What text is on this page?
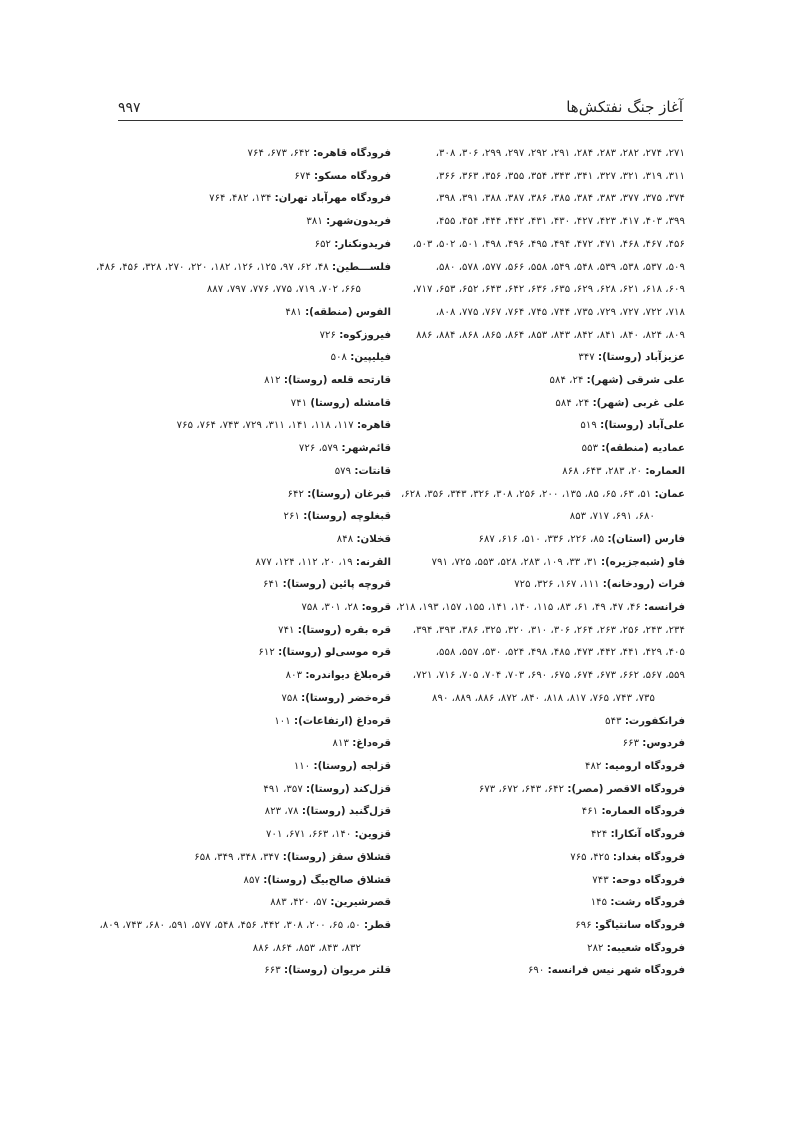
آغاز جنگ نفتکش‌ها
۹۹۷
۲۷۱، ۲۷۴، ۲۸۲، ۲۸۳، ۲۸۴، ۲۹۱، ۲۹۲، ۲۹۷، ۲۹۹، ۳۰۶، ۳۰۸،
۳۱۱، ۳۱۹، ۳۲۱، ۳۲۷، ۳۴۱، ۳۴۳، ۳۵۴، ۳۵۵، ۳۵۶، ۳۶۳، ۳۶۶،
۳۷۴، ۳۷۵، ۳۷۷، ۳۸۳، ۳۸۴، ۳۸۵، ۳۸۶، ۳۸۷، ۳۸۸، ۳۹۱، ۳۹۸،
۳۹۹، ۴۰۳، ۴۱۷، ۴۲۳، ۴۲۷، ۴۳۰، ۴۳۱، ۴۴۲، ۴۴۴، ۴۵۴، ۴۵۵،
۴۵۶، ۴۶۷، ۴۶۸، ۴۷۱، ۴۷۲، ۴۹۴، ۴۹۵، ۴۹۶، ۴۹۸، ۵۰۱، ۵۰۲، ۵۰۳،
۵۰۹، ۵۳۷، ۵۳۸، ۵۳۹، ۵۴۸، ۵۴۹، ۵۵۸، ۵۶۶، ۵۷۷، ۵۷۸، ۵۸۰،
۶۰۹، ۶۱۸، ۶۲۱، ۶۲۸، ۶۲۹، ۶۳۵، ۶۳۶، ۶۴۲، ۶۴۳، ۶۵۲، ۶۵۳، ۷۱۷،
۷۱۸، ۷۲۲، ۷۲۷، ۷۲۹، ۷۳۵، ۷۴۴، ۷۴۵، ۷۶۴، ۷۶۷، ۷۷۵، ۸۰۸،
۸۰۹، ۸۲۴، ۸۴۰، ۸۴۱، ۸۴۲، ۸۴۳، ۸۵۳، ۸۶۴، ۸۶۵، ۸۶۸، ۸۸۴، ۸۸۶
عزیزآباد (روستا): ۳۴۷
علی شرقی (شهر): ۲۴، ۵۸۴
علی غربی (شهر): ۲۴، ۵۸۴
علی‌آباد (روستا): ۵۱۹
عمادیه (منطقه): ۵۵۳
العماره: ۲۰، ۲۸۳، ۶۴۳، ۸۶۸
عمان: ۵۱، ۶۳، ۶۵، ۸۵، ۱۳۵، ۲۰۰، ۲۵۶، ۳۰۸، ۳۲۶، ۳۴۳، ۳۵۶، ۶۲۸،
۶۸۰، ۶۹۱، ۷۱۷، ۸۵۳
فارس (استان): ۸۵، ۲۲۶، ۳۳۶، ۵۱۰، ۶۱۶، ۶۸۷
فاو (شبه‌جزیره): ۳۱، ۳۳، ۱۰۹، ۲۸۳، ۵۲۸، ۵۵۳، ۷۲۵، ۷۹۱
فرات (رودخانه): ۱۱۱، ۱۶۷، ۳۲۶، ۷۲۵
فرانسه: ۴۶، ۴۷، ۴۹، ۶۱، ۸۳، ۱۱۵، ۱۴۰، ۱۴۱، ۱۵۵، ۱۵۷، ۱۹۳، ۲۱۸،
۲۳۴، ۲۴۳، ۲۵۶، ۲۶۳، ۲۶۴، ۳۰۶، ۳۱۰، ۳۲۰، ۳۲۵، ۳۸۶، ۳۹۳، ۳۹۴،
۴۰۵، ۴۲۹، ۴۴۱، ۴۴۲، ۴۷۳، ۴۸۵، ۴۹۸، ۵۲۴، ۵۳۰، ۵۵۷، ۵۵۸،
۵۵۹، ۵۶۷، ۶۶۲، ۶۷۳، ۶۷۴، ۶۷۵، ۶۹۰، ۷۰۳، ۷۰۴، ۷۰۵، ۷۱۶، ۷۲۱،
۷۳۵، ۷۴۳، ۷۶۵، ۸۱۷، ۸۱۸، ۸۴۰، ۸۷۲، ۸۸۶، ۸۸۹، ۸۹۰
فرانکفورت: ۵۴۳
فردوس: ۶۶۳
فرودگاه ارومیه: ۴۸۲
فرودگاه الاقصر (مصر): ۶۴۲، ۶۴۳، ۶۷۲، ۶۷۳
فرودگاه العماره: ۴۶۱
فرودگاه آنکارا: ۴۲۴
فرودگاه بغداد: ۴۲۵، ۷۶۵
فرودگاه دوحه: ۷۴۳
فرودگاه رشت: ۱۴۵
فرودگاه سانتیاگو: ۶۹۶
فرودگاه شعیبه: ۲۸۲
فرودگاه شهر نیس فرانسه: ۶۹۰
فرودگاه قاهره: ۶۴۲، ۶۷۳، ۷۶۴
فرودگاه مسکو: ۶۷۴
فرودگاه مهرآباد تهران: ۱۳۴، ۴۸۲، ۷۶۴
فریدون‌شهر: ۳۸۱
فریدونکنار: ۶۵۲
فلســـطین: ۴۸، ۶۲، ۹۷، ۱۲۵، ۱۲۶، ۱۸۲، ۲۲۰، ۲۷۰، ۳۲۸، ۴۵۶، ۴۸۶،
۶۶۵، ۷۰۲، ۷۱۹، ۷۷۵، ۷۷۶، ۷۹۷، ۸۸۷
الفوس (منطقه): ۴۸۱
فیروزکوه: ۷۲۶
فیلیپین: ۵۰۸
قارتحه قلعه (روستا): ۸۱۲
قامشله (روستا) ۷۴۱
قاهره: ۱۱۷، ۱۱۸، ۱۴۱، ۳۱۱، ۷۲۹، ۷۴۳، ۷۶۴، ۷۶۵
قائم‌شهر: ۵۷۹، ۷۲۶
قانتات: ۵۷۹
قبرغان (روستا): ۶۴۲
قبغلوچه (روستا): ۲۶۱
قخلان: ۸۴۸
القرنه: ۱۹، ۲۰، ۱۱۲، ۱۲۴، ۸۷۷
قروچه پائین (روستا): ۶۴۱
قروه: ۲۸، ۳۰۱، ۷۵۸
قره بقره (روستا): ۷۴۱
قره موسی‌لو (روستا): ۶۱۲
قره‌بلاغ دیواندره: ۸۰۳
قره‌خضر (روستا): ۷۵۸
قره‌داغ (ارتفاعات): ۱۰۱
قره‌داغ: ۸۱۳
قزلجه (روستا): ۱۱۰
قزل‌کند (روستا): ۳۵۷، ۴۹۱
قزل‌گنبد (روستا): ۷۸، ۸۲۳
قزوین: ۱۴۰، ۶۶۳، ۶۷۱، ۷۰۱
قشلاق سقز (روستا): ۳۴۷، ۳۴۸، ۳۴۹، ۶۵۸
قشلاق صالح‌بیگ (روستا): ۸۵۷
قصرشیرین: ۵۷، ۴۲۰، ۸۸۳
قطر: ۵۰، ۶۵، ۲۰۰، ۳۰۸، ۴۴۲، ۴۵۶، ۵۴۸، ۵۷۷، ۵۹۱، ۶۸۰، ۷۴۳، ۸۰۹،
۸۳۲، ۸۴۳، ۸۵۳، ۸۶۴، ۸۸۶
قلتر مریوان (روستا): ۶۶۳
